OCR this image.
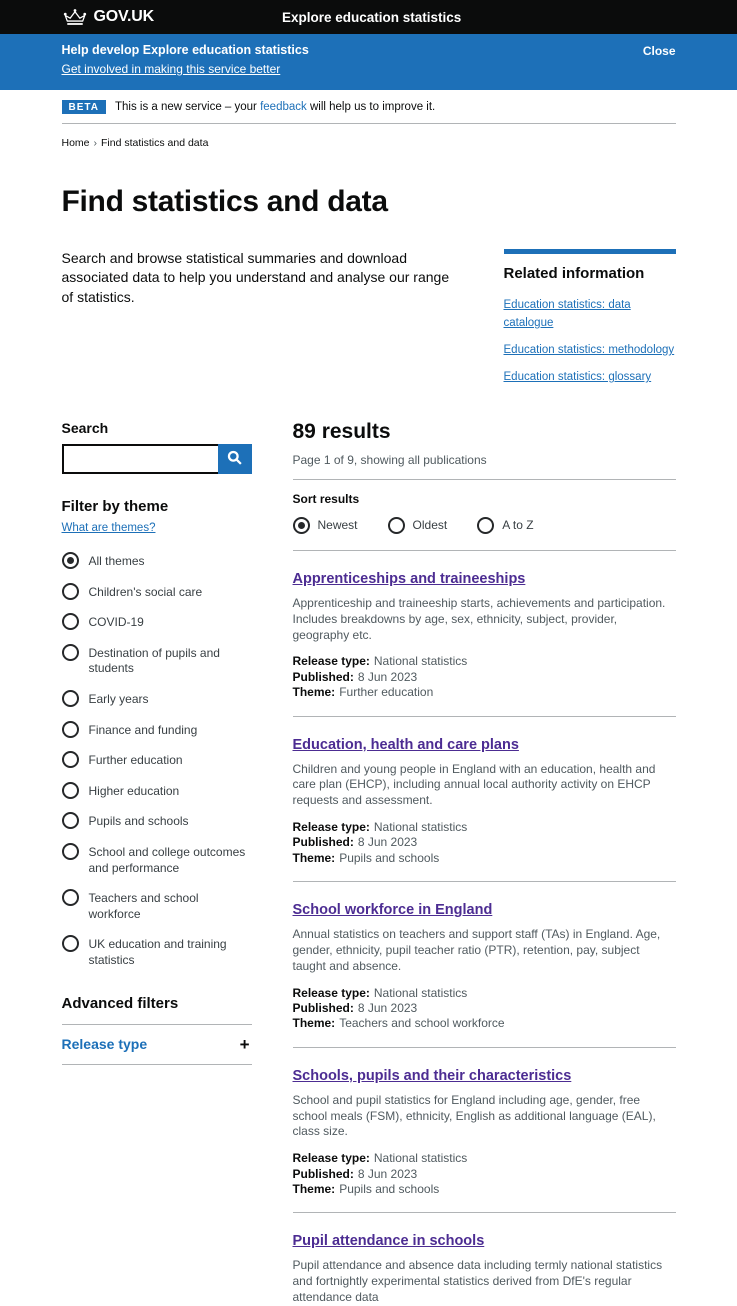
GOV.UK	Explore education statistics
Help develop Explore education statistics
Get involved in making this service better
Close
BETA	This is a new service – your feedback will help us to improve it.
Home › Find statistics and data
Find statistics and data

Search and browse statistical summaries and download associated data to help you understand and analyse our range of statistics.

Related information
Education statistics: data catalogue
Education statistics: methodology
Education statistics: glossary
Search
Filter by theme
What are themes?
All themes
Children's social care
COVID-19
Destination of pupils and students
Early years
Finance and funding
Further education
Higher education
Pupils and schools
School and college outcomes and performance
Teachers and school workforce
UK education and training statistics
Advanced filters
Release type	+
89 results
Page 1 of 9, showing all publications
Sort results
Newest	Oldest	A to Z
Apprenticeships and traineeships

Apprenticeship and traineeship starts, achievements and participation. Includes breakdowns by age, sex, ethnicity, subject, provider, geography etc.

Release type: National statistics
Published: 8 Jun 2023
Theme: Further education
Education, health and care plans

Children and young people in England with an education, health and care plan (EHCP), including annual local authority activity on EHCP requests and assessment.

Release type: National statistics
Published: 8 Jun 2023
Theme: Pupils and schools
School workforce in England

Annual statistics on teachers and support staff (TAs) in England. Age, gender, ethnicity, pupil teacher ratio (PTR), retention, pay, subject taught and absence.

Release type: National statistics
Published: 8 Jun 2023
Theme: Teachers and school workforce
Schools, pupils and their characteristics

School and pupil statistics for England including age, gender, free school meals (FSM), ethnicity, English as additional language (EAL), class size.

Release type: National statistics
Published: 8 Jun 2023
Theme: Pupils and schools
Pupil attendance in schools

Pupil attendance and absence data including termly national statistics and fortnightly experimental statistics derived from DfE's regular attendance data
